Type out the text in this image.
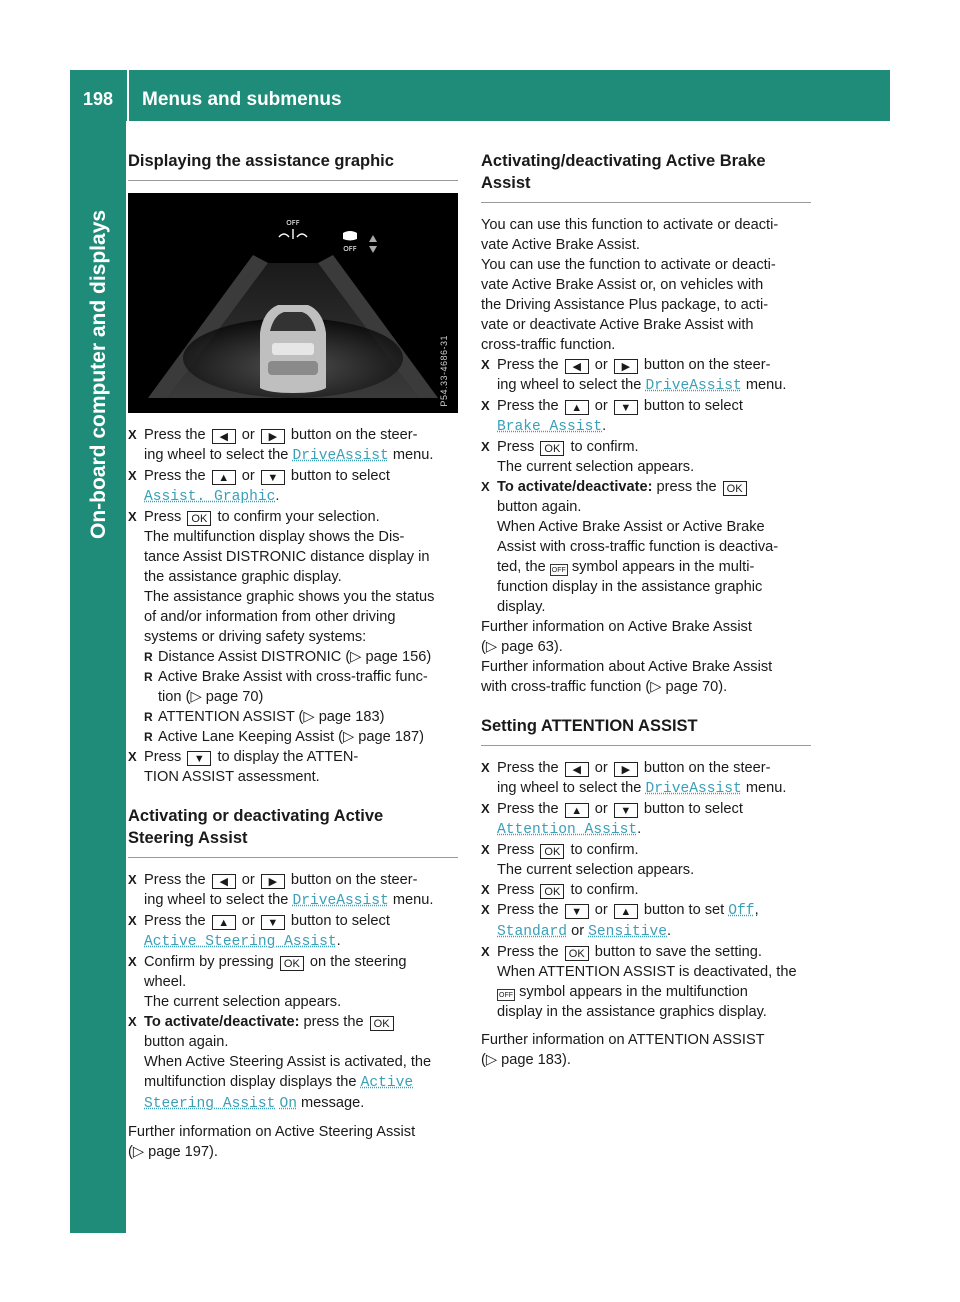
198	Menus and submenus
On-board computer and displays
Displaying the assistance graphic
OFF
OFF
P54.33-4686-31
X Press the ◀ or ▶ button on the steer-
ing wheel to select the DriveAssist menu.
X Press the ▲ or ▼ button to select
Assist. Graphic.
X Press OK to confirm your selection.
The multifunction display shows the Dis-
tance Assist DISTRONIC distance display in
the assistance graphic display.
The assistance graphic shows you the status
of and/or information from other driving
systems or driving safety systems:
R Distance Assist DISTRONIC (▷ page 156)
R Active Brake Assist with cross-traffic func-
tion (▷ page 70)
R ATTENTION ASSIST (▷ page 183)
R Active Lane Keeping Assist (▷ page 187)
X Press ▼ to display the ATTEN-
TION ASSIST assessment.
Activating or deactivating Active
Steering Assist
X Press the ◀ or ▶ button on the steer-
ing wheel to select the DriveAssist menu.
X Press the ▲ or ▼ button to select
Active Steering Assist.
X Confirm by pressing OK on the steering
wheel.
The current selection appears.
X To activate/deactivate: press the OK
button again.
When Active Steering Assist is activated, the
multifunction display displays the Active
Steering Assist On message.

Further information on Active Steering Assist
(▷ page 197).

Activating/deactivating Active Brake
Assist

You can use this function to activate or deacti-
vate Active Brake Assist.

You can use the function to activate or deacti-
vate Active Brake Assist or, on vehicles with
the Driving Assistance Plus package, to acti-
vate or deactivate Active Brake Assist with
cross-traffic function.

X Press the ◀ or ▶ button on the steer-
ing wheel to select the DriveAssist menu.
X Press the ▲ or ▼ button to select
Brake Assist.
X Press OK to confirm.
The current selection appears.
X To activate/deactivate: press the OK
button again.
When Active Brake Assist or Active Brake
Assist with cross-traffic function is deactiva-
ted, the OFF symbol appears in the multi-
function display in the assistance graphic
display.

Further information on Active Brake Assist
(▷ page 63).

Further information about Active Brake Assist
with cross-traffic function (▷ page 70).

Setting ATTENTION ASSIST
X Press the ◀ or ▶ button on the steer-
ing wheel to select the DriveAssist menu.
X Press the ▲ or ▼ button to select
Attention Assist.
X Press OK to confirm.
The current selection appears.
X Press OK to confirm.
X Press the ▼ or ▲ button to set Off,
Standard or Sensitive.
X Press the OK button to save the setting.
When ATTENTION ASSIST is deactivated, the
OFF symbol appears in the multifunction
display in the assistance graphics display.

Further information on ATTENTION ASSIST
(▷ page 183).
